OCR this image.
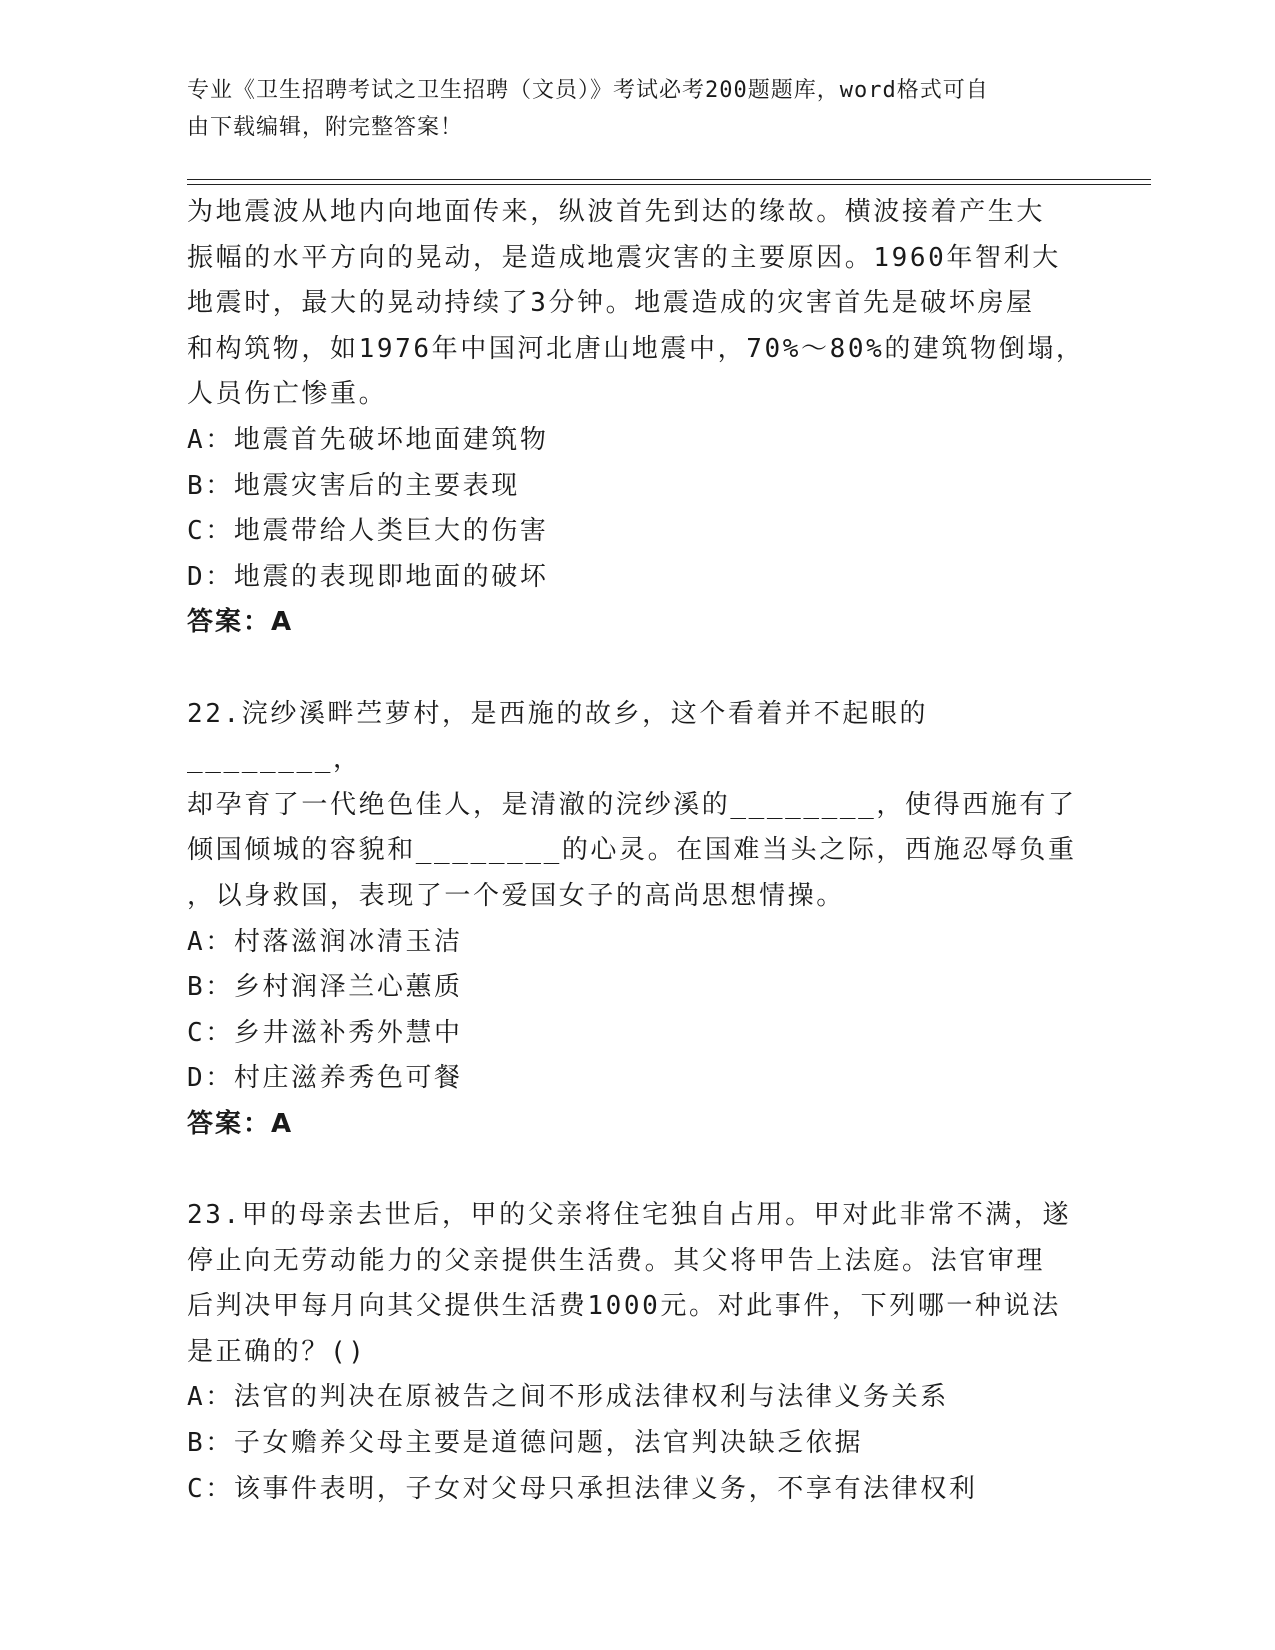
专业《卫生招聘考试之卫生招聘（文员）》考试必考200题题库，word格式可自
由下载编辑，附完整答案！

为地震波从地内向地面传来，纵波首先到达的缘故。横波接着产生大

振幅的水平方向的晃动，是造成地震灾害的主要原因。1960年智利大

地震时，最大的晃动持续了3分钟。地震造成的灾害首先是破坏房屋

和构筑物，如1976年中国河北唐山地震中，70%～80%的建筑物倒塌，

人员伤亡惨重。

A：地震首先破坏地面建筑物

B：地震灾害后的主要表现

C：地震带给人类巨大的伤害

D：地震的表现即地面的破坏

答案：A

22.浣纱溪畔苎萝村，是西施的故乡，这个看着并不起眼的________，

却孕育了一代绝色佳人，是清澈的浣纱溪的________，使得西施有了

倾国倾城的容貌和________的心灵。在国难当头之际，西施忍辱负重

，以身救国，表现了一个爱国女子的高尚思想情操。

A：村落滋润冰清玉洁

B：乡村润泽兰心蕙质

C：乡井滋补秀外慧中

D：村庄滋养秀色可餐

答案：A

23.甲的母亲去世后，甲的父亲将住宅独自占用。甲对此非常不满，遂

停止向无劳动能力的父亲提供生活费。其父将甲告上法庭。法官审理

后判决甲每月向其父提供生活费1000元。对此事件，下列哪一种说法

是正确的？()

A：法官的判决在原被告之间不形成法律权利与法律义务关系

B：子女赡养父母主要是道德问题，法官判决缺乏依据

C：该事件表明，子女对父母只承担法律义务，不享有法律权利
